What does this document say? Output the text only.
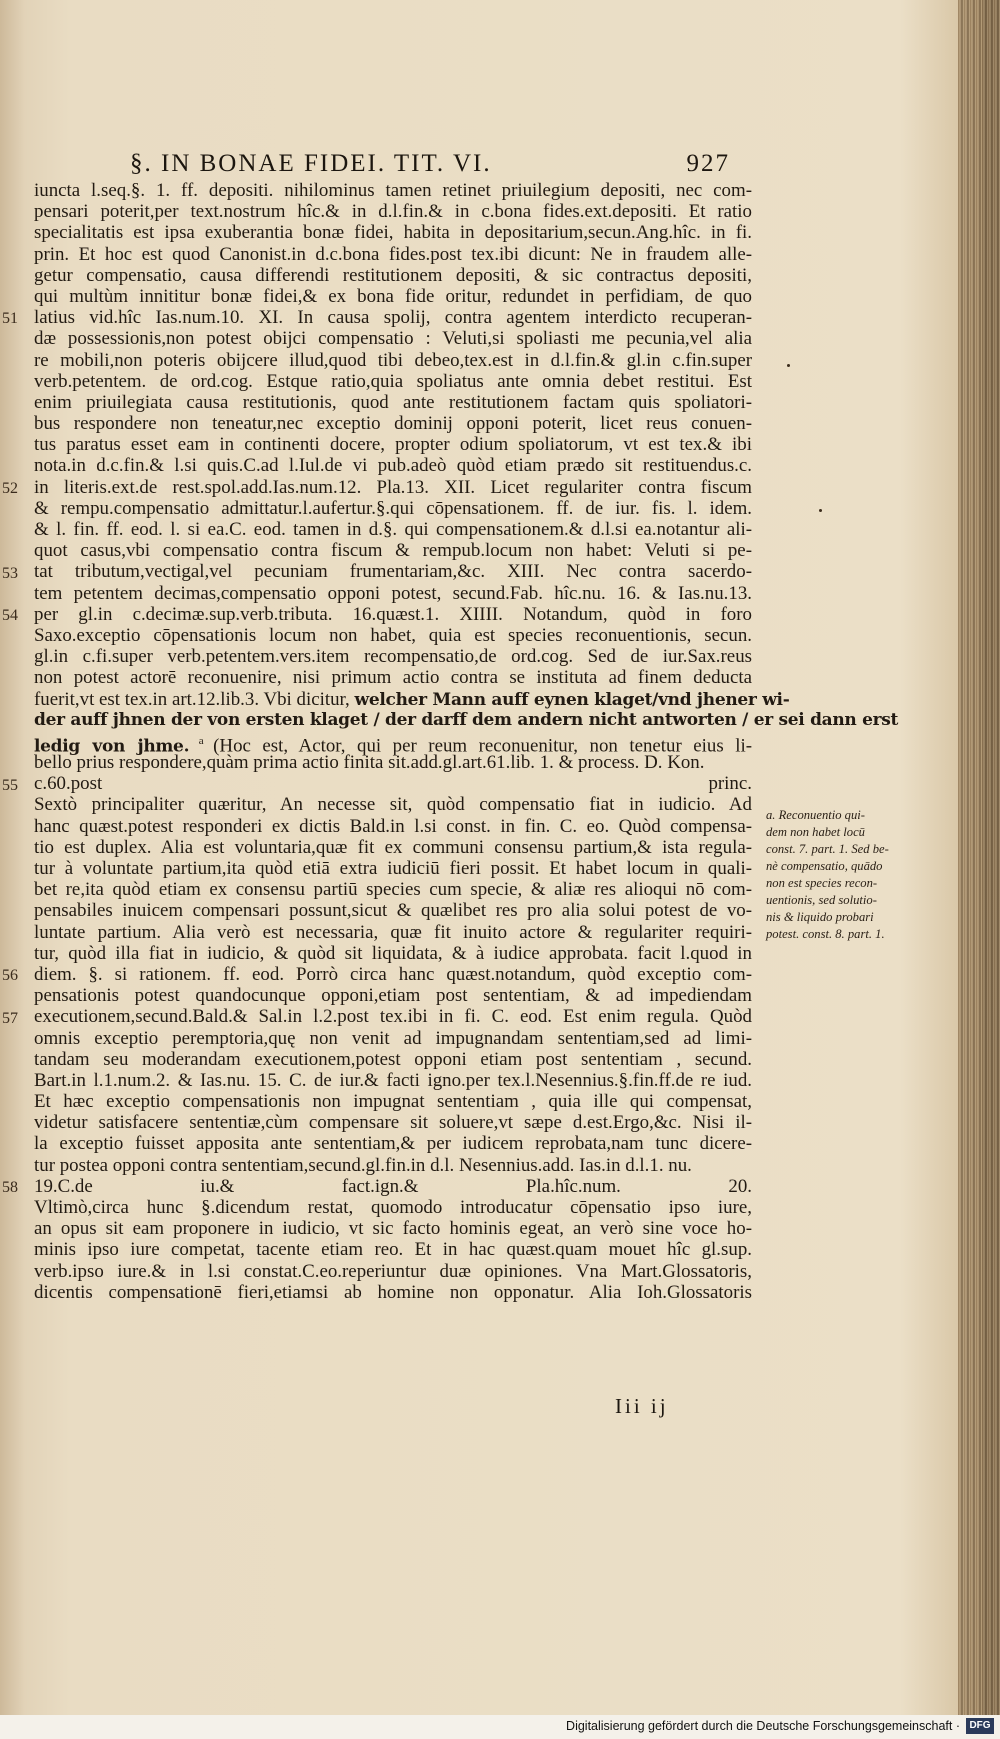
§. IN BONAE FIDEI. TIT. VI.	927
51
52
53
54
55
56
57
58
iuncta l.seq.§. 1. ff. depositi. nihilominus tamen retinet priuilegium depositi, nec com-
pensari poterit,per text.nostrum hîc.& in d.l.fin.& in c.bona fides.ext.depositi. Et ratio
specialitatis est ipsa exuberantia bonæ fidei, habita in depositarium,secun.Ang.hîc. in fi.
prin. Et hoc est quod Canonist.in d.c.bona fides.post tex.ibi dicunt: Ne in fraudem alle-
getur compensatio, causa differendi restitutionem depositi, & sic contractus depositi,
qui multùm innititur bonæ fidei,& ex bona fide oritur, redundet in perfidiam, de quo
latius vid.hîc Ias.num.10. XI. In causa spolij, contra agentem interdicto recuperan-
dæ possessionis,non potest obijci compensatio : Veluti,si spoliasti me pecunia,vel alia
re mobili,non poteris obijcere illud,quod tibi debeo,tex.est in d.l.fin.& gl.in c.fin.super
verb.petentem. de ord.cog. Estque ratio,quia spoliatus ante omnia debet restitui. Est
enim priuilegiata causa restitutionis, quod ante restitutionem factam quis spoliatori-
bus respondere non teneatur,nec exceptio dominij opponi poterit, licet reus conuen-
tus paratus esset eam in continenti docere, propter odium spoliatorum, vt est tex.& ibi
nota.in d.c.fin.& l.si quis.C.ad l.Iul.de vi pub.adeò quòd etiam prædo sit restituendus.c.
in literis.ext.de rest.spol.add.Ias.num.12. Pla.13. XII. Licet regulariter contra fiscum
& rempu.compensatio admittatur.l.aufertur.§.qui cōpensationem. ff. de iur. fis. l. idem.
& l. fin. ff. eod. l. si ea.C. eod. tamen in d.§. qui compensationem.& d.l.si ea.notantur ali-
quot casus,vbi compensatio contra fiscum & rempub.locum non habet: Veluti si pe-
tat tributum,vectigal,vel pecuniam frumentariam,&c. XIII. Nec contra sacerdo-
tem petentem decimas,compensatio opponi potest, secund.Fab. hîc.nu. 16. & Ias.nu.13.
per gl.in c.decimæ.sup.verb.tributa. 16.quæst.1. XIIII. Notandum, quòd in foro
Saxo.exceptio cōpensationis locum non habet, quia est species reconuentionis, secun.
gl.in c.fi.super verb.petentem.vers.item recompensatio,de ord.cog. Sed de iur.Sax.reus
non potest actorē reconuenire, nisi primum actio contra se instituta ad finem deducta
fuerit,vt est tex.in art.12.lib.3. Vbi dicitur, welcher Mann auff eynen klaget/vnd jhener wi-
der auff jhnen der von ersten klaget / der darff dem andern nicht antworten / er sei dann erst
ledig von jhme. $^a$ (Hoc est, Actor, qui per reum reconuenitur, non tenetur eius li-
bello prius respondere,quàm prima actio finita sit.add.gl.art.61.lib. 1. & process. D. Kon.
c.60.post princ.
Sextò principaliter quæritur, An necesse sit, quòd compensatio fiat in iudicio. Ad
hanc quæst.potest responderi ex dictis Bald.in l.si const. in fin. C. eo. Quòd compensa-
tio est duplex. Alia est voluntaria,quæ fit ex communi consensu partium,& ista regula-
tur à voluntate partium,ita quòd etiā extra iudiciū fieri possit. Et habet locum in quali-
bet re,ita quòd etiam ex consensu partiū species cum specie, & aliæ res alioqui nō com-
pensabiles inuicem compensari possunt,sicut & quælibet res pro alia solui potest de vo-
luntate partium. Alia verò est necessaria, quæ fit inuito actore & regulariter requiri-
tur, quòd illa fiat in iudicio, & quòd sit liquidata, & à iudice approbata. facit l.quod in
diem. §. si rationem. ff. eod. Porrò circa hanc quæst.notandum, quòd exceptio com-
pensationis potest quandocunque opponi,etiam post sententiam, & ad impediendam
executionem,secund.Bald.& Sal.in l.2.post tex.ibi in fi. C. eod. Est enim regula. Quòd
omnis exceptio peremptoria,quę non venit ad impugnandam sententiam,sed ad limi-
tandam seu moderandam executionem,potest opponi etiam post sententiam , secund.
Bart.in l.1.num.2. & Ias.nu. 15. C. de iur.& facti igno.per tex.l.Nesennius.§.fin.ff.de re iud.
Et hæc exceptio compensationis non impugnat sententiam , quia ille qui compensat,
videtur satisfacere sententiæ,cùm compensare sit soluere,vt sæpe d.est.Ergo,&c. Nisi il-
la exceptio fuisset apposita ante sententiam,& per iudicem reprobata,nam tunc dicere-
tur postea opponi contra sententiam,secund.gl.fin.in d.l. Nesennius.add. Ias.in d.l.1. nu.
19.C.de iu.& fact.ign.& Pla.hîc.num. 20.
Vltimò,circa hunc §.dicendum restat, quomodo introducatur cōpensatio ipso iure,
an opus sit eam proponere in iudicio, vt sic facto hominis egeat, an verò sine voce ho-
minis ipso iure competat, tacente etiam reo. Et in hac quæst.quam mouet hîc gl.sup.
verb.ipso iure.& in l.si constat.C.eo.reperiuntur duæ opiniones. Vna Mart.Glossatoris,
dicentis compensationē fieri,etiamsi ab homine non opponatur. Alia Ioh.Glossatoris
a. Reconuentio qui-
dem non habet locū
const. 7. part. 1. Sed be-
nè compensatio, quādo
non est species recon-
uentionis, sed solutio-
nis & liquido probari
potest. const. 8. part. 1.
Iii ij
Digitalisierung gefördert durch die Deutsche Forschungsgemeinschaft · DFG
